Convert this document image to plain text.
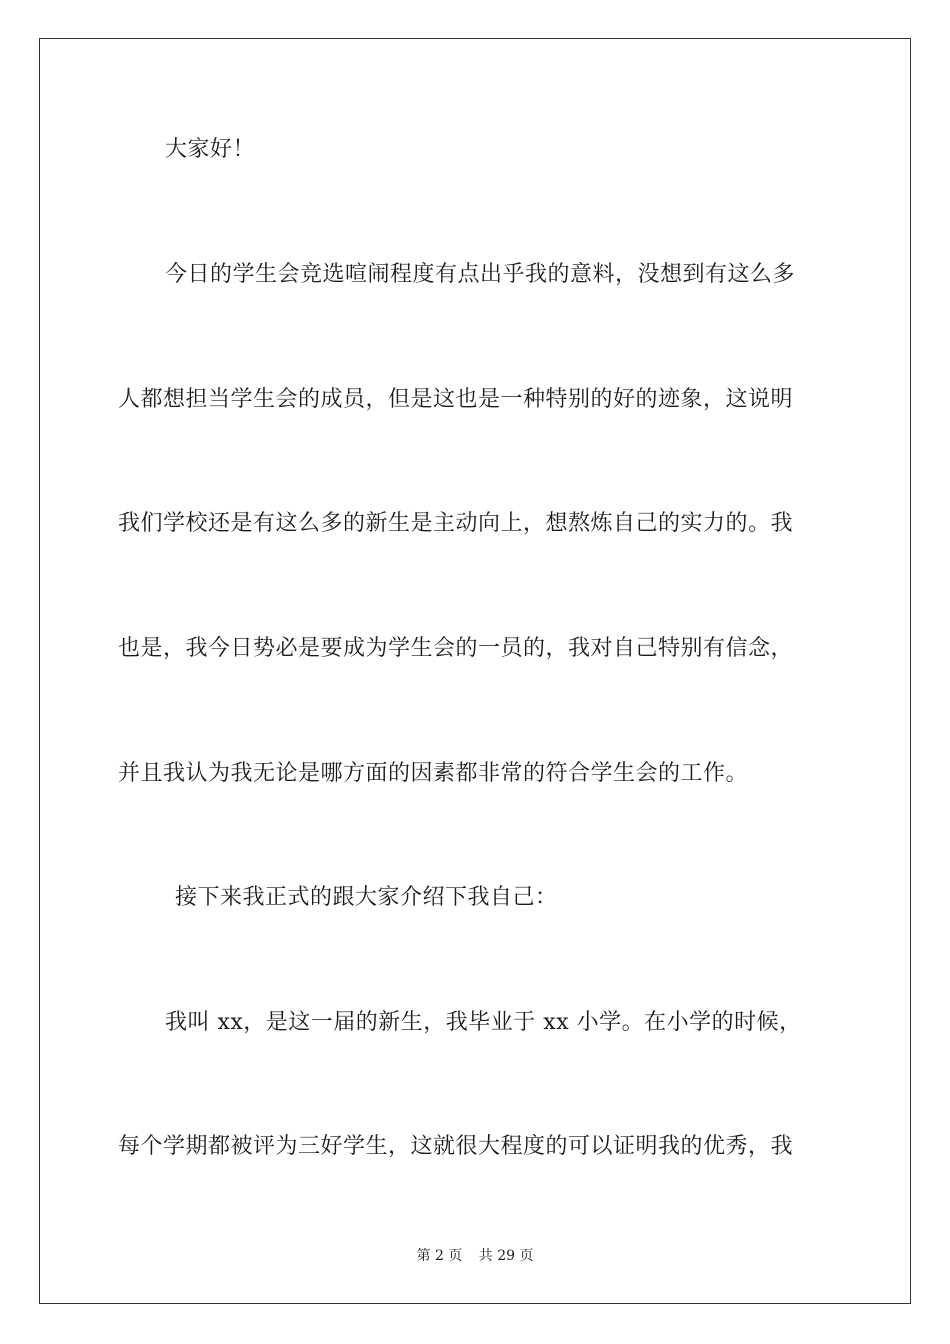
大家好！
今日的学生会竞选喧闹程度有点出乎我的意料，没想到有这么多
人都想担当学生会的成员，但是这也是一种特别的好的迹象，这说明
我们学校还是有这么多的新生是主动向上，想熬炼自己的实力的。我
也是，我今日势必是要成为学生会的一员的，我对自己特别有信念，
并且我认为我无论是哪方面的因素都非常的符合学生会的工作。
接下来我正式的跟大家介绍下我自己：
我叫 xx，是这一届的新生，我毕业于 xx 小学。在小学的时候，
每个学期都被评为三好学生，这就很大程度的可以证明我的优秀，我
第 2 页 共 29 页
